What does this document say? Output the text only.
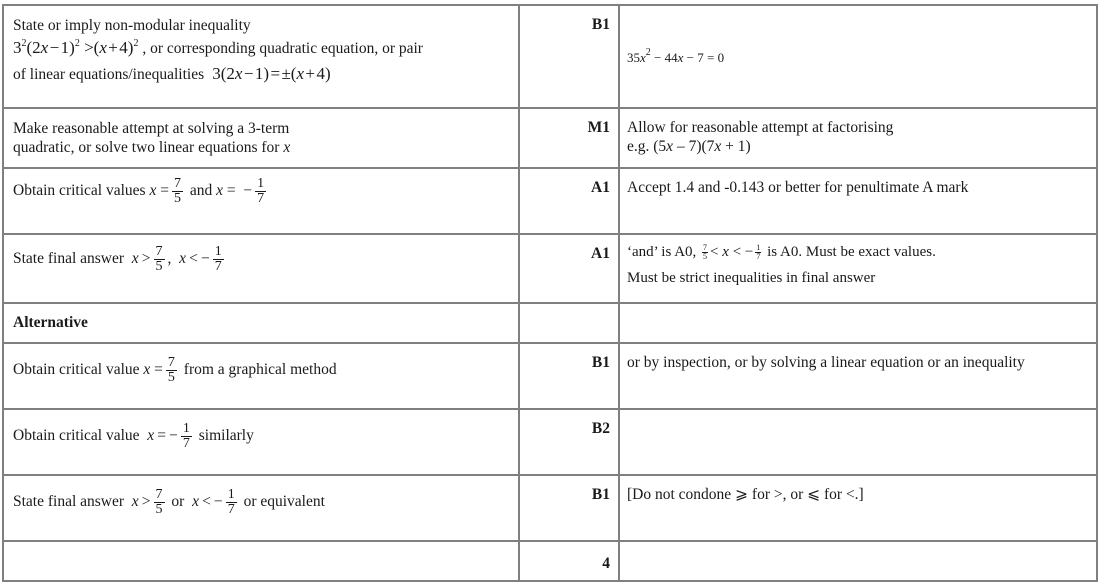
State or imply non-modular inequality
$3^2(2x$ − 1)$^2$ >(x + 4)$^2$ , or corresponding quadratic equation, or pair
of linear equations/inequalities  3(2x − 1) = ±(x + 4)	B1	$35x^2 - 44x - 7 = 0$

Make reasonable attempt at solving a 3-term
quadratic, or solve two linear equations for x
	M1	Allow for reasonable attempt at factorising
e.g. (5x – 7)(7x + 1)

Obtain critical values $x = \frac{7}{5}$ and x =  − $\frac{1}{7}$	A1	Accept 1.4 and -0.143 or better for penultimate A mark
State final answer $x > \frac{7}{5}$ ,  x < − $\frac{1}{7}$	A1	‘and’ is A0, $\frac{7}{5} < x$ < − $\frac{1}{7}$ is A0. Must be exact values.
Must be strict inequalities in final answer

Alternative		
Obtain critical value $x = \frac{7}{5}$ from a graphical method	B1	or by inspection, or by solving a linear equation or an inequality
Obtain critical value x = − $\frac{1}{7}$ similarly	B2	
State final answer $x > \frac{7}{5}$ or x < − $\frac{1}{7}$ or equivalent	B1	[Do not condone ⩾ for >, or ⩽ for <.]
	4	
